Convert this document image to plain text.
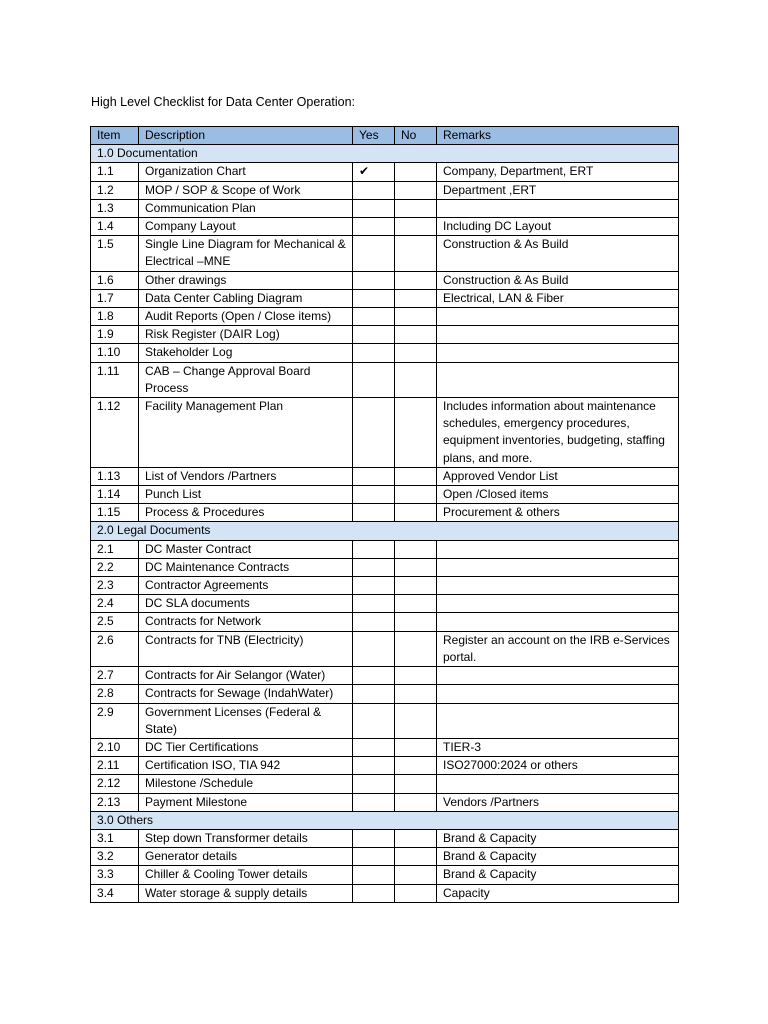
High Level Checklist for Data Center Operation:
Item	Description	Yes	No	Remarks
1.0 Documentation				
1.1	Organization Chart	✔		Company, Department, ERT
1.2	MOP / SOP & Scope of Work			Department ,ERT
1.3	Communication Plan			
1.4	Company Layout			Including DC Layout
1.5	Single Line Diagram for Mechanical & Electrical –MNE			Construction & As Build
1.6	Other drawings			Construction & As Build
1.7	Data Center Cabling Diagram			Electrical, LAN & Fiber
1.8	Audit Reports (Open / Close items)			
1.9	Risk Register (DAIR Log)			
1.10	Stakeholder Log			
1.11	CAB – Change Approval Board Process			
1.12	Facility Management Plan			Includes information about maintenance schedules, emergency procedures, equipment inventories, budgeting, staffing plans, and more.
1.13	List of Vendors /Partners			Approved Vendor List
1.14	Punch List			Open /Closed items
1.15	Process & Procedures			Procurement & others
2.0 Legal Documents				
2.1	DC Master Contract			
2.2	DC Maintenance Contracts			
2.3	Contractor Agreements			
2.4	DC SLA documents			
2.5	Contracts for Network			
2.6	Contracts for TNB (Electricity)			Register an account on the IRB e-Services portal.
2.7	Contracts for Air Selangor (Water)			
2.8	Contracts for Sewage (IndahWater)			
2.9	Government Licenses (Federal & State)			
2.10	DC Tier Certifications			TIER-3
2.11	Certification ISO, TIA 942			ISO27000:2024 or others
2.12	Milestone /Schedule			
2.13	Payment Milestone			Vendors /Partners
3.0 Others				
3.1	Step down Transformer details			Brand & Capacity
3.2	Generator details			Brand & Capacity
3.3	Chiller & Cooling Tower details			Brand & Capacity
3.4	Water storage & supply details			Capacity
